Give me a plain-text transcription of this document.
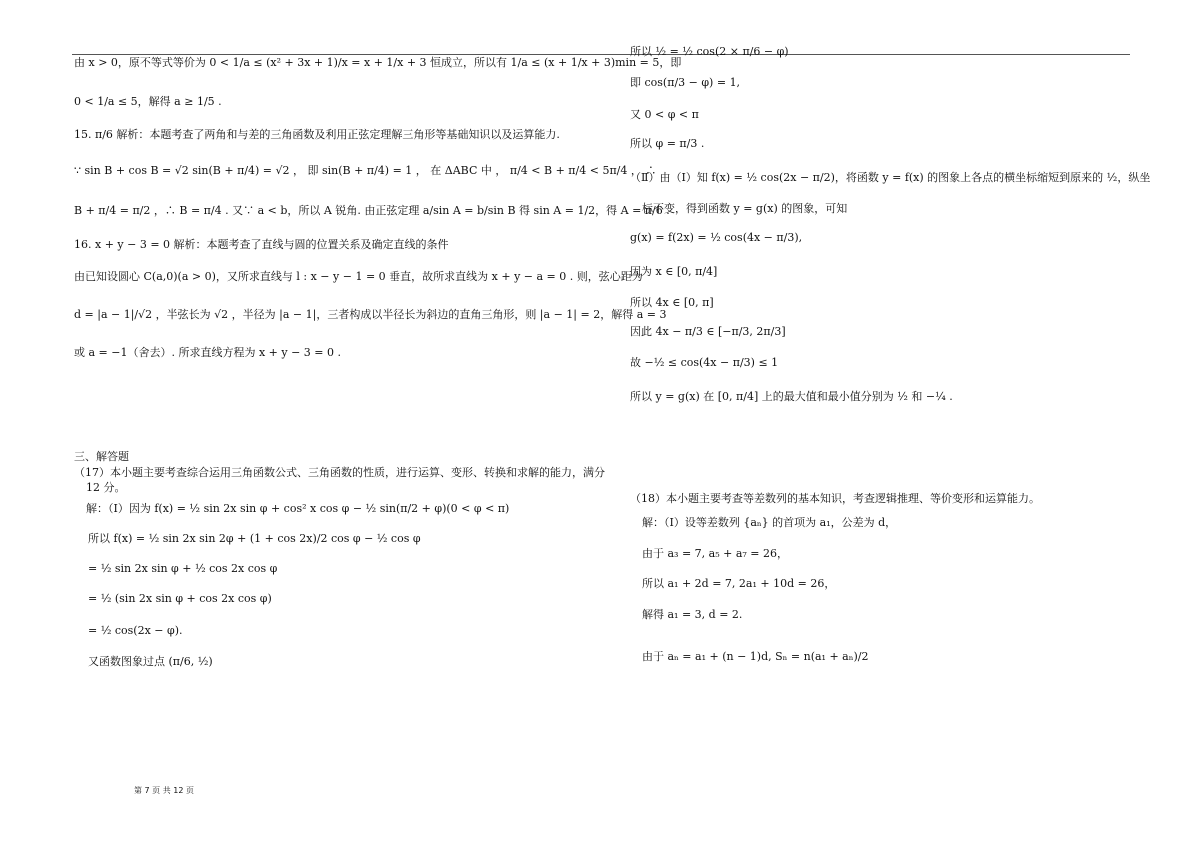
由 x > 0，原不等式等价为 0 < 1/a ≤ (x² + 3x + 1)/x = x + 1/x + 3 恒成立，所以有 1/a ≤ (x + 1/x + 3)min = 5，即
0 < 1/a ≤ 5，解得 a ≥ 1/5 .
15. π/6 解析：本题考查了两角和与差的三角函数及利用正弦定理解三角形等基础知识以及运算能力.
∵ sin B + cos B = √2 sin(B + π/4) = √2 ， 即 sin(B + π/4) = 1 ， 在 ΔABC 中 ， π/4 < B + π/4 < 5π/4 ， ∴
B + π/4 = π/2 ，∴ B = π/4 . 又∵ a < b，所以 A 锐角. 由正弦定理 a/sin A = b/sin B 得 sin A = 1/2，得 A = π/6 .
16. x + y − 3 = 0 解析：本题考查了直线与圆的位置关系及确定直线的条件
由已知设圆心 C(a,0)(a > 0)，又所求直线与 l : x − y − 1 = 0 垂直，故所求直线为 x + y − a = 0 . 则，弦心距为
d = |a − 1|/√2 ，半弦长为 √2 ，半径为 |a − 1|，三者构成以半径长为斜边的直角三角形，则 |a − 1| = 2，解得 a = 3
或 a = −1（舍去）. 所求直线方程为 x + y − 3 = 0 .
三、解答题
（17）本小题主要考查综合运用三角函数公式、三角函数的性质，进行运算、变形、转换和求解的能力，满分
12 分。
解：（Ⅰ）因为 f(x) = ½ sin 2x sin φ + cos² x cos φ − ½ sin(π/2 + φ)(0 < φ < π)
所以 f(x) = ½ sin 2x sin 2φ + (1 + cos 2x)/2 cos φ − ½ cos φ
= ½ sin 2x sin φ + ½ cos 2x cos φ
= ½ (sin 2x sin φ + cos 2x cos φ)
= ½ cos(2x − φ).
又函数图象过点 (π/6, ½)
所以 ½ = ½ cos(2 × π/6 − φ)
即 cos(π/3 − φ) = 1,
又 0 < φ < π
所以 φ = π/3 .
（Ⅱ）由（Ⅰ）知 f(x) = ½ cos(2x − π/2)，将函数 y = f(x) 的图象上各点的横坐标缩短到原来的 ½，纵坐
标不变，得到函数 y = g(x) 的图象，可知
g(x) = f(2x) = ½ cos(4x − π/3),
因为 x ∈ [0, π/4]
所以 4x ∈ [0, π]
因此 4x − π/3 ∈ [−π/3, 2π/3]
故 −½ ≤ cos(4x − π/3) ≤ 1
所以 y = g(x) 在 [0, π/4] 上的最大值和最小值分别为 ½ 和 −¼ .
（18）本小题主要考查等差数列的基本知识，考查逻辑推理、等价变形和运算能力。
解：（Ⅰ）设等差数列 {aₙ} 的首项为 a₁，公差为 d，
由于 a₃ = 7, a₅ + a₇ = 26，
所以 a₁ + 2d = 7, 2a₁ + 10d = 26，
解得 a₁ = 3, d = 2.
由于 aₙ = a₁ + (n − 1)d, Sₙ = n(a₁ + aₙ)/2
第 7 页 共 12 页
